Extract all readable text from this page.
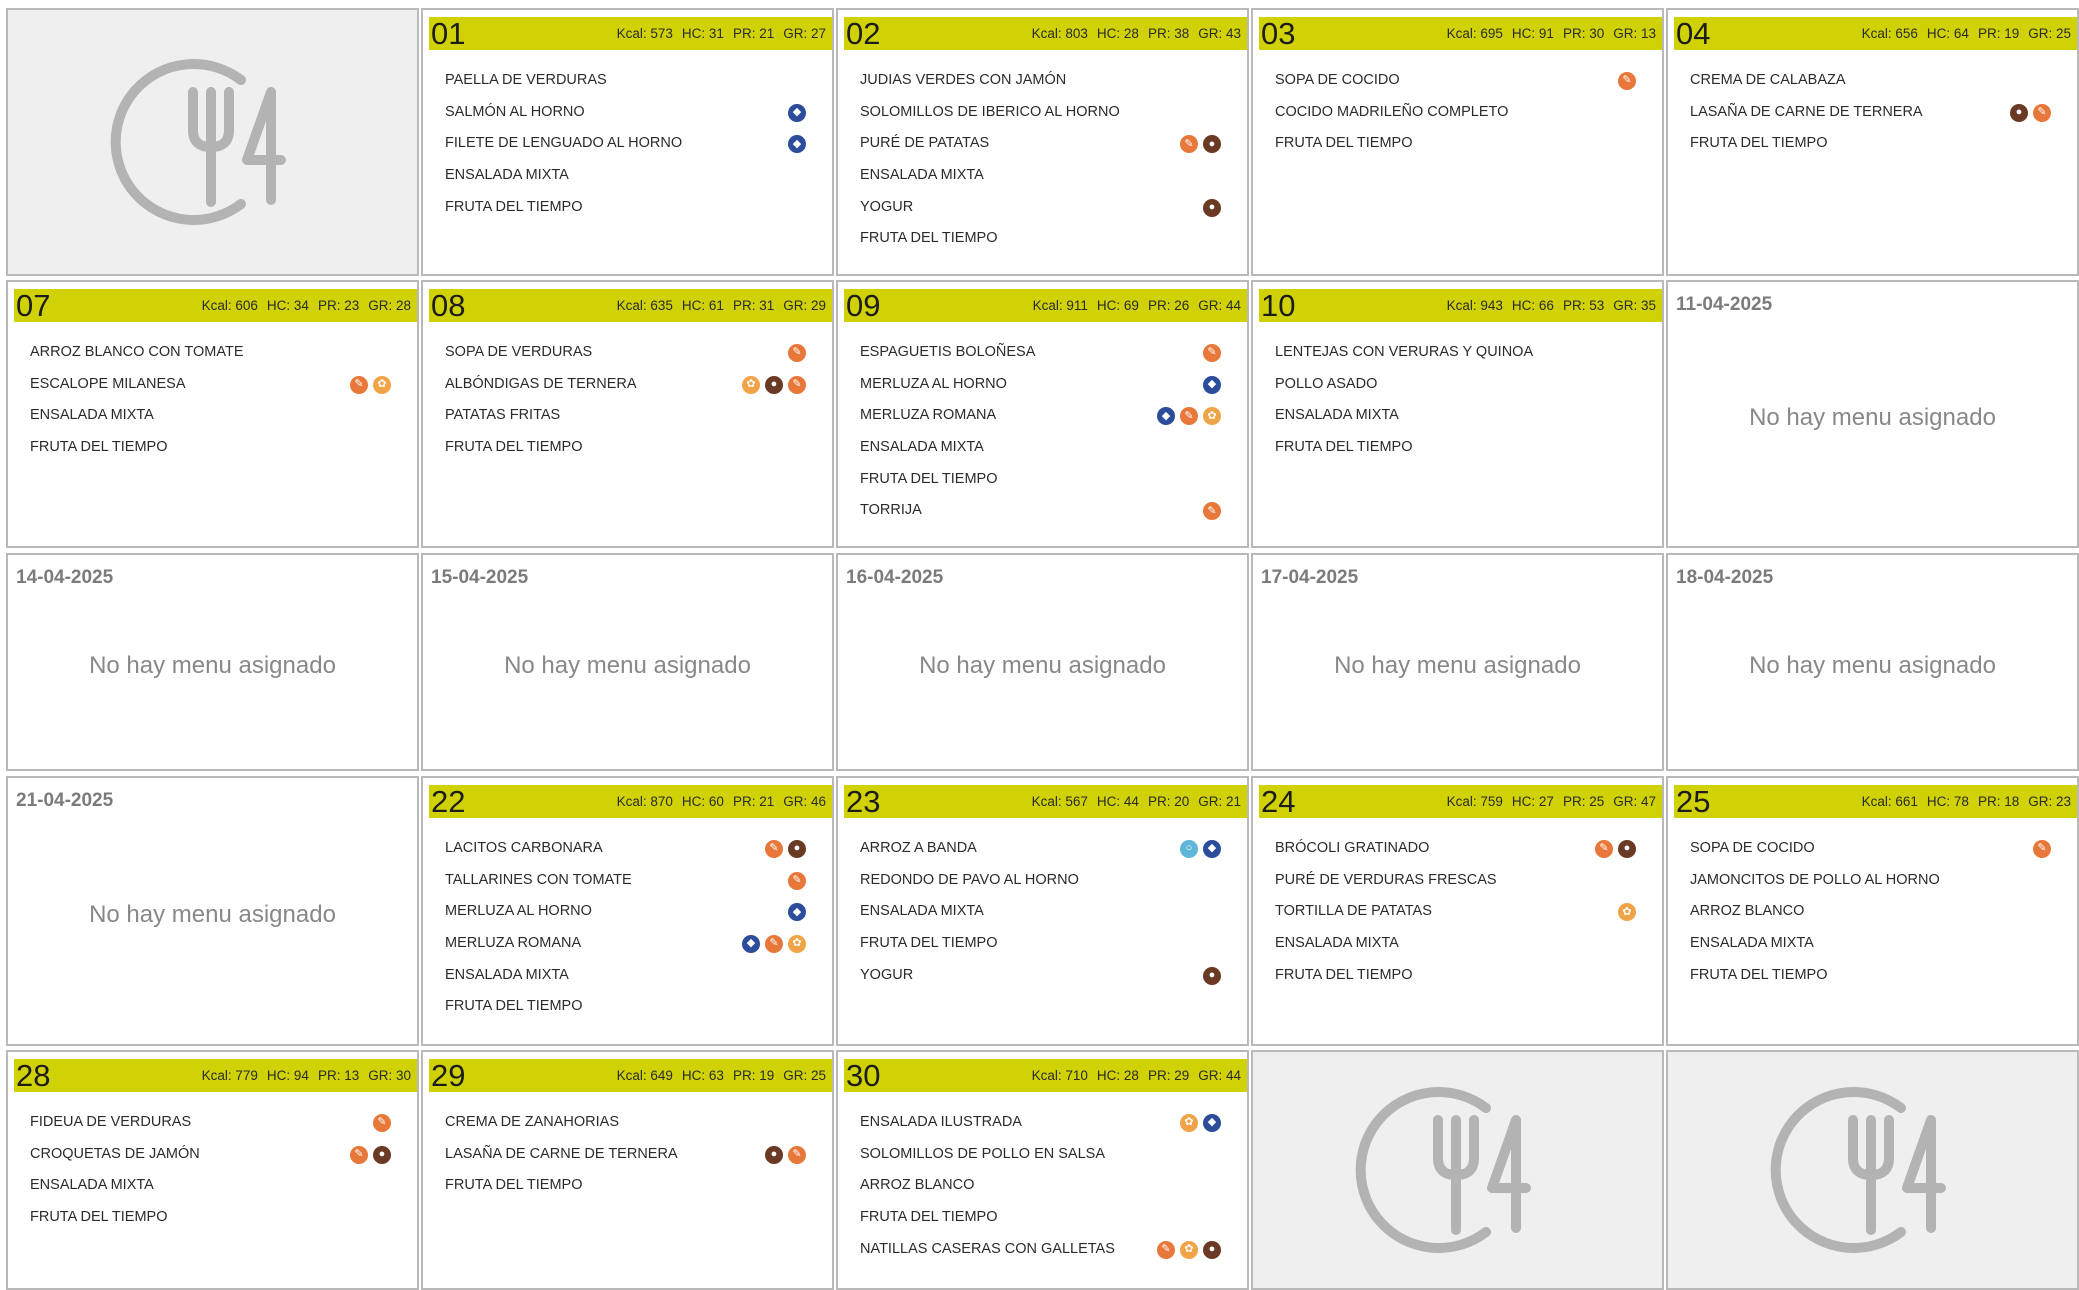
01	Kcal: 573 HC: 31 PR: 21 GR: 27
PAELLA DE VERDURAS
SALMÓN AL HORNO	◆
FILETE DE LENGUADO AL HORNO	◆
ENSALADA MIXTA
FRUTA DEL TIEMPO
02	Kcal: 803 HC: 28 PR: 38 GR: 43
JUDIAS VERDES CON JAMÓN
SOLOMILLOS DE IBERICO AL HORNO
PURÉ DE PATATAS	✎	●
ENSALADA MIXTA
YOGUR	●
FRUTA DEL TIEMPO
03	Kcal: 695 HC: 91 PR: 30 GR: 13
SOPA DE COCIDO	✎
COCIDO MADRILEÑO COMPLETO
FRUTA DEL TIEMPO
04	Kcal: 656 HC: 64 PR: 19 GR: 25
CREMA DE CALABAZA
LASAÑA DE CARNE DE TERNERA	●	✎
FRUTA DEL TIEMPO
07	Kcal: 606 HC: 34 PR: 23 GR: 28
ARROZ BLANCO CON TOMATE
ESCALOPE MILANESA	✎	✿
ENSALADA MIXTA
FRUTA DEL TIEMPO
08	Kcal: 635 HC: 61 PR: 31 GR: 29
SOPA DE VERDURAS	✎
ALBÓNDIGAS DE TERNERA	✿	●	✎
PATATAS FRITAS
FRUTA DEL TIEMPO
09	Kcal: 911 HC: 69 PR: 26 GR: 44
ESPAGUETIS BOLOÑESA	✎
MERLUZA AL HORNO	◆
MERLUZA ROMANA	◆	✎	✿
ENSALADA MIXTA
FRUTA DEL TIEMPO
TORRIJA	✎
10	Kcal: 943 HC: 66 PR: 53 GR: 35
LENTEJAS CON VERURAS Y QUINOA
POLLO ASADO
ENSALADA MIXTA
FRUTA DEL TIEMPO
11-04-2025
No hay menu asignado
14-04-2025
No hay menu asignado
15-04-2025
No hay menu asignado
16-04-2025
No hay menu asignado
17-04-2025
No hay menu asignado
18-04-2025
No hay menu asignado
21-04-2025
No hay menu asignado
22	Kcal: 870 HC: 60 PR: 21 GR: 46
LACITOS CARBONARA	✎	●
TALLARINES CON TOMATE	✎
MERLUZA AL HORNO	◆
MERLUZA ROMANA	◆	✎	✿
ENSALADA MIXTA
FRUTA DEL TIEMPO
23	Kcal: 567 HC: 44 PR: 20 GR: 21
ARROZ A BANDA	○	◆
REDONDO DE PAVO AL HORNO
ENSALADA MIXTA
FRUTA DEL TIEMPO
YOGUR	●
24	Kcal: 759 HC: 27 PR: 25 GR: 47
BRÓCOLI GRATINADO	✎	●
PURÉ DE VERDURAS FRESCAS
TORTILLA DE PATATAS	✿
ENSALADA MIXTA
FRUTA DEL TIEMPO
25	Kcal: 661 HC: 78 PR: 18 GR: 23
SOPA DE COCIDO	✎
JAMONCITOS DE POLLO AL HORNO
ARROZ BLANCO
ENSALADA MIXTA
FRUTA DEL TIEMPO
28	Kcal: 779 HC: 94 PR: 13 GR: 30
FIDEUA DE VERDURAS	✎
CROQUETAS DE JAMÓN	✎	●
ENSALADA MIXTA
FRUTA DEL TIEMPO
29	Kcal: 649 HC: 63 PR: 19 GR: 25
CREMA DE ZANAHORIAS
LASAÑA DE CARNE DE TERNERA	●	✎
FRUTA DEL TIEMPO
30	Kcal: 710 HC: 28 PR: 29 GR: 44
ENSALADA ILUSTRADA	✿	◆
SOLOMILLOS DE POLLO EN SALSA
ARROZ BLANCO
FRUTA DEL TIEMPO
NATILLAS CASERAS CON GALLETAS	✎	✿	●
